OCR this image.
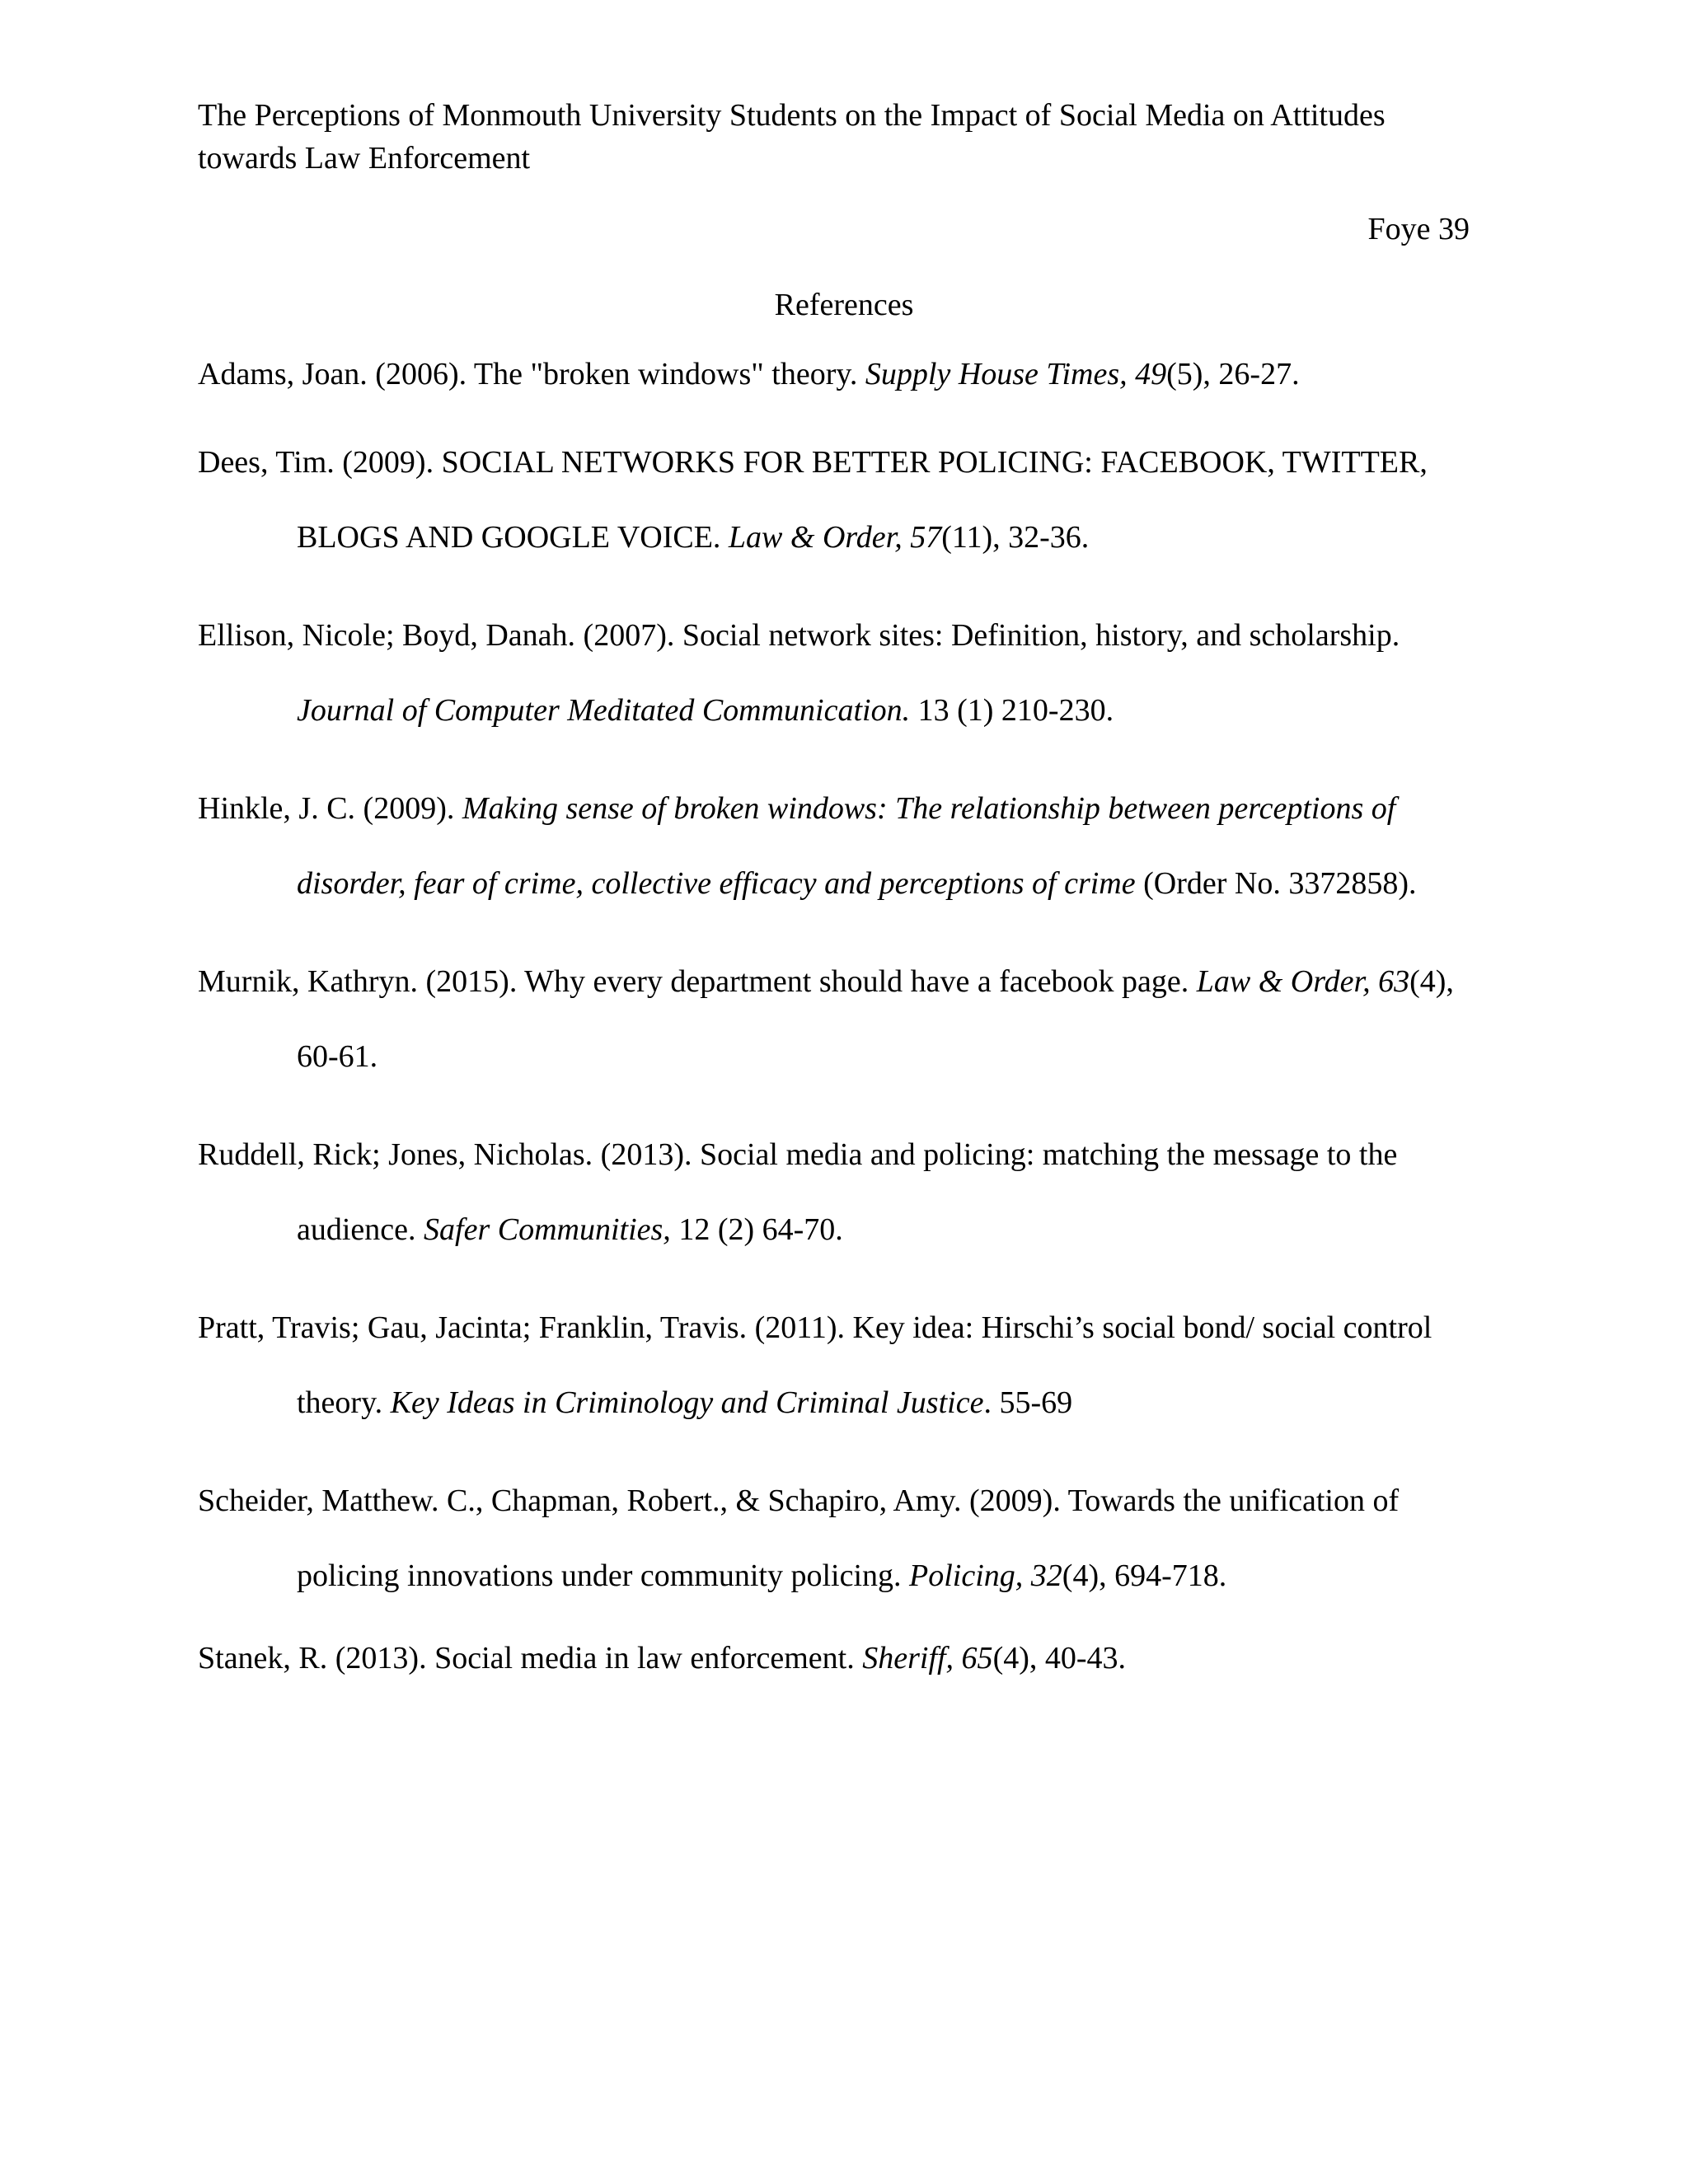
The Perceptions of Monmouth University Students on the Impact of Social Media on Attitudes towards Law Enforcement
Foye 39
References
Adams, Joan. (2006). The "broken windows" theory. Supply House Times, 49(5), 26-27.
Dees, Tim. (2009). SOCIAL NETWORKS FOR BETTER POLICING: FACEBOOK, TWITTER, BLOGS AND GOOGLE VOICE. Law & Order, 57(11), 32-36.
Ellison, Nicole; Boyd, Danah. (2007). Social network sites: Definition, history, and scholarship. Journal of Computer Meditated Communication. 13 (1) 210-230.
Hinkle, J. C. (2009). Making sense of broken windows: The relationship between perceptions of disorder, fear of crime, collective efficacy and perceptions of crime (Order No. 3372858).
Murnik, Kathryn. (2015). Why every department should have a facebook page. Law & Order, 63(4), 60-61.
Ruddell, Rick; Jones, Nicholas. (2013). Social media and policing: matching the message to the audience. Safer Communities, 12 (2) 64-70.
Pratt, Travis; Gau, Jacinta; Franklin, Travis. (2011). Key idea: Hirschi’s social bond/ social control theory. Key Ideas in Criminology and Criminal Justice. 55-69
Scheider, Matthew. C., Chapman, Robert., & Schapiro, Amy. (2009). Towards the unification of policing innovations under community policing. Policing, 32(4), 694-718.
Stanek, R. (2013). Social media in law enforcement. Sheriff, 65(4), 40-43.
